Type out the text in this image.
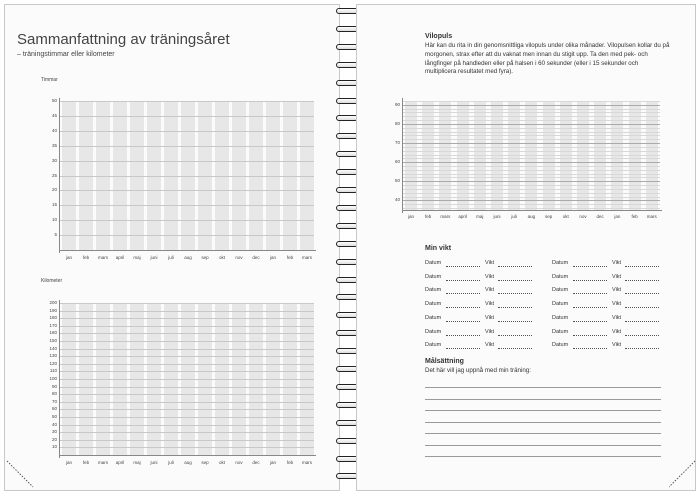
Sammanfattning av träningsåret
– träningstimmar eller kilometer
Timmar
5
10
15
20
25
30
35
40
45
50
jan	feb	mars	april	maj	juni	juli	aug	sep	okt	nov	dec	jan	feb	mars
Kilometer
10
20
30
40
50
60
70
80
90
100
110
120
130
140
150
160
170
180
190
200
jan	feb	mars	april	maj	juni	juli	aug	sep	okt	nov	dec	jan	feb	mars
Vilopuls
Här kan du rita in din genomsnittliga vilopuls under olika månader. Vilopulsen kollar du på morgonen, strax efter att du vaknat men innan du stigit upp. Ta den med pek- och långfinger på handleden eller på halsen i 60 sekunder (eller i 15 sekunder och multiplicera resultatet med fyra).
40
50
60
70
80
90
jan	feb	mars	april	maj	juni	juli	aug	sep	okt	nov	dec	jan	feb	mars
Min vikt
Datum	Vikt	Datum	Vikt
Datum	Vikt	Datum	Vikt
Datum	Vikt	Datum	Vikt
Datum	Vikt	Datum	Vikt
Datum	Vikt	Datum	Vikt
Datum	Vikt	Datum	Vikt
Datum	Vikt	Datum	Vikt
Målsättning
Det här vill jag uppnå med min träning:
